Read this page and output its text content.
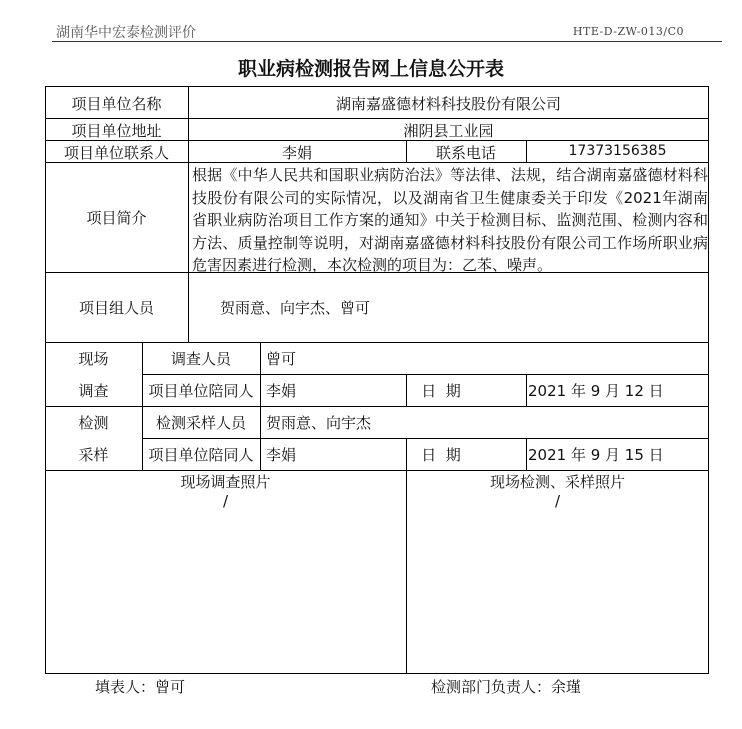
湖南华中宏泰检测评价	HTE-D-ZW-013/C0
职业病检测报告网上信息公开表
项目单位名称	湖南嘉盛德材料科技股份有限公司
项目单位地址	湘阴县工业园
项目单位联系人	李娟	联系电话	17373156385
项目简介
根据《中华人民共和国职业病防治法》等法律、法规，结合湖南嘉盛德材料科技股份有限公司的实际情况，以及湖南省卫生健康委关于印发《2021年湖南省职业病防治项目工作方案的通知》中关于检测目标、监测范围、检测内容和方法、质量控制等说明，对湖南嘉盛德材料科技股份有限公司工作场所职业病危害因素进行检测，本次检测的项目为：乙苯、噪声。
项目组人员	贺雨意、向宇杰、曾可
现场
调查
调查人员	曾可
项目单位陪同人 李娟	日  期	2021 年 9 月 12 日
检测
采样
检测采样人员	贺雨意、向宇杰
项目单位陪同人 李娟	日  期	2021 年 9 月 15 日
现场调查照片
/
现场检测、采样照片
/
填表人：曾可	检测部门负责人：余瑾
